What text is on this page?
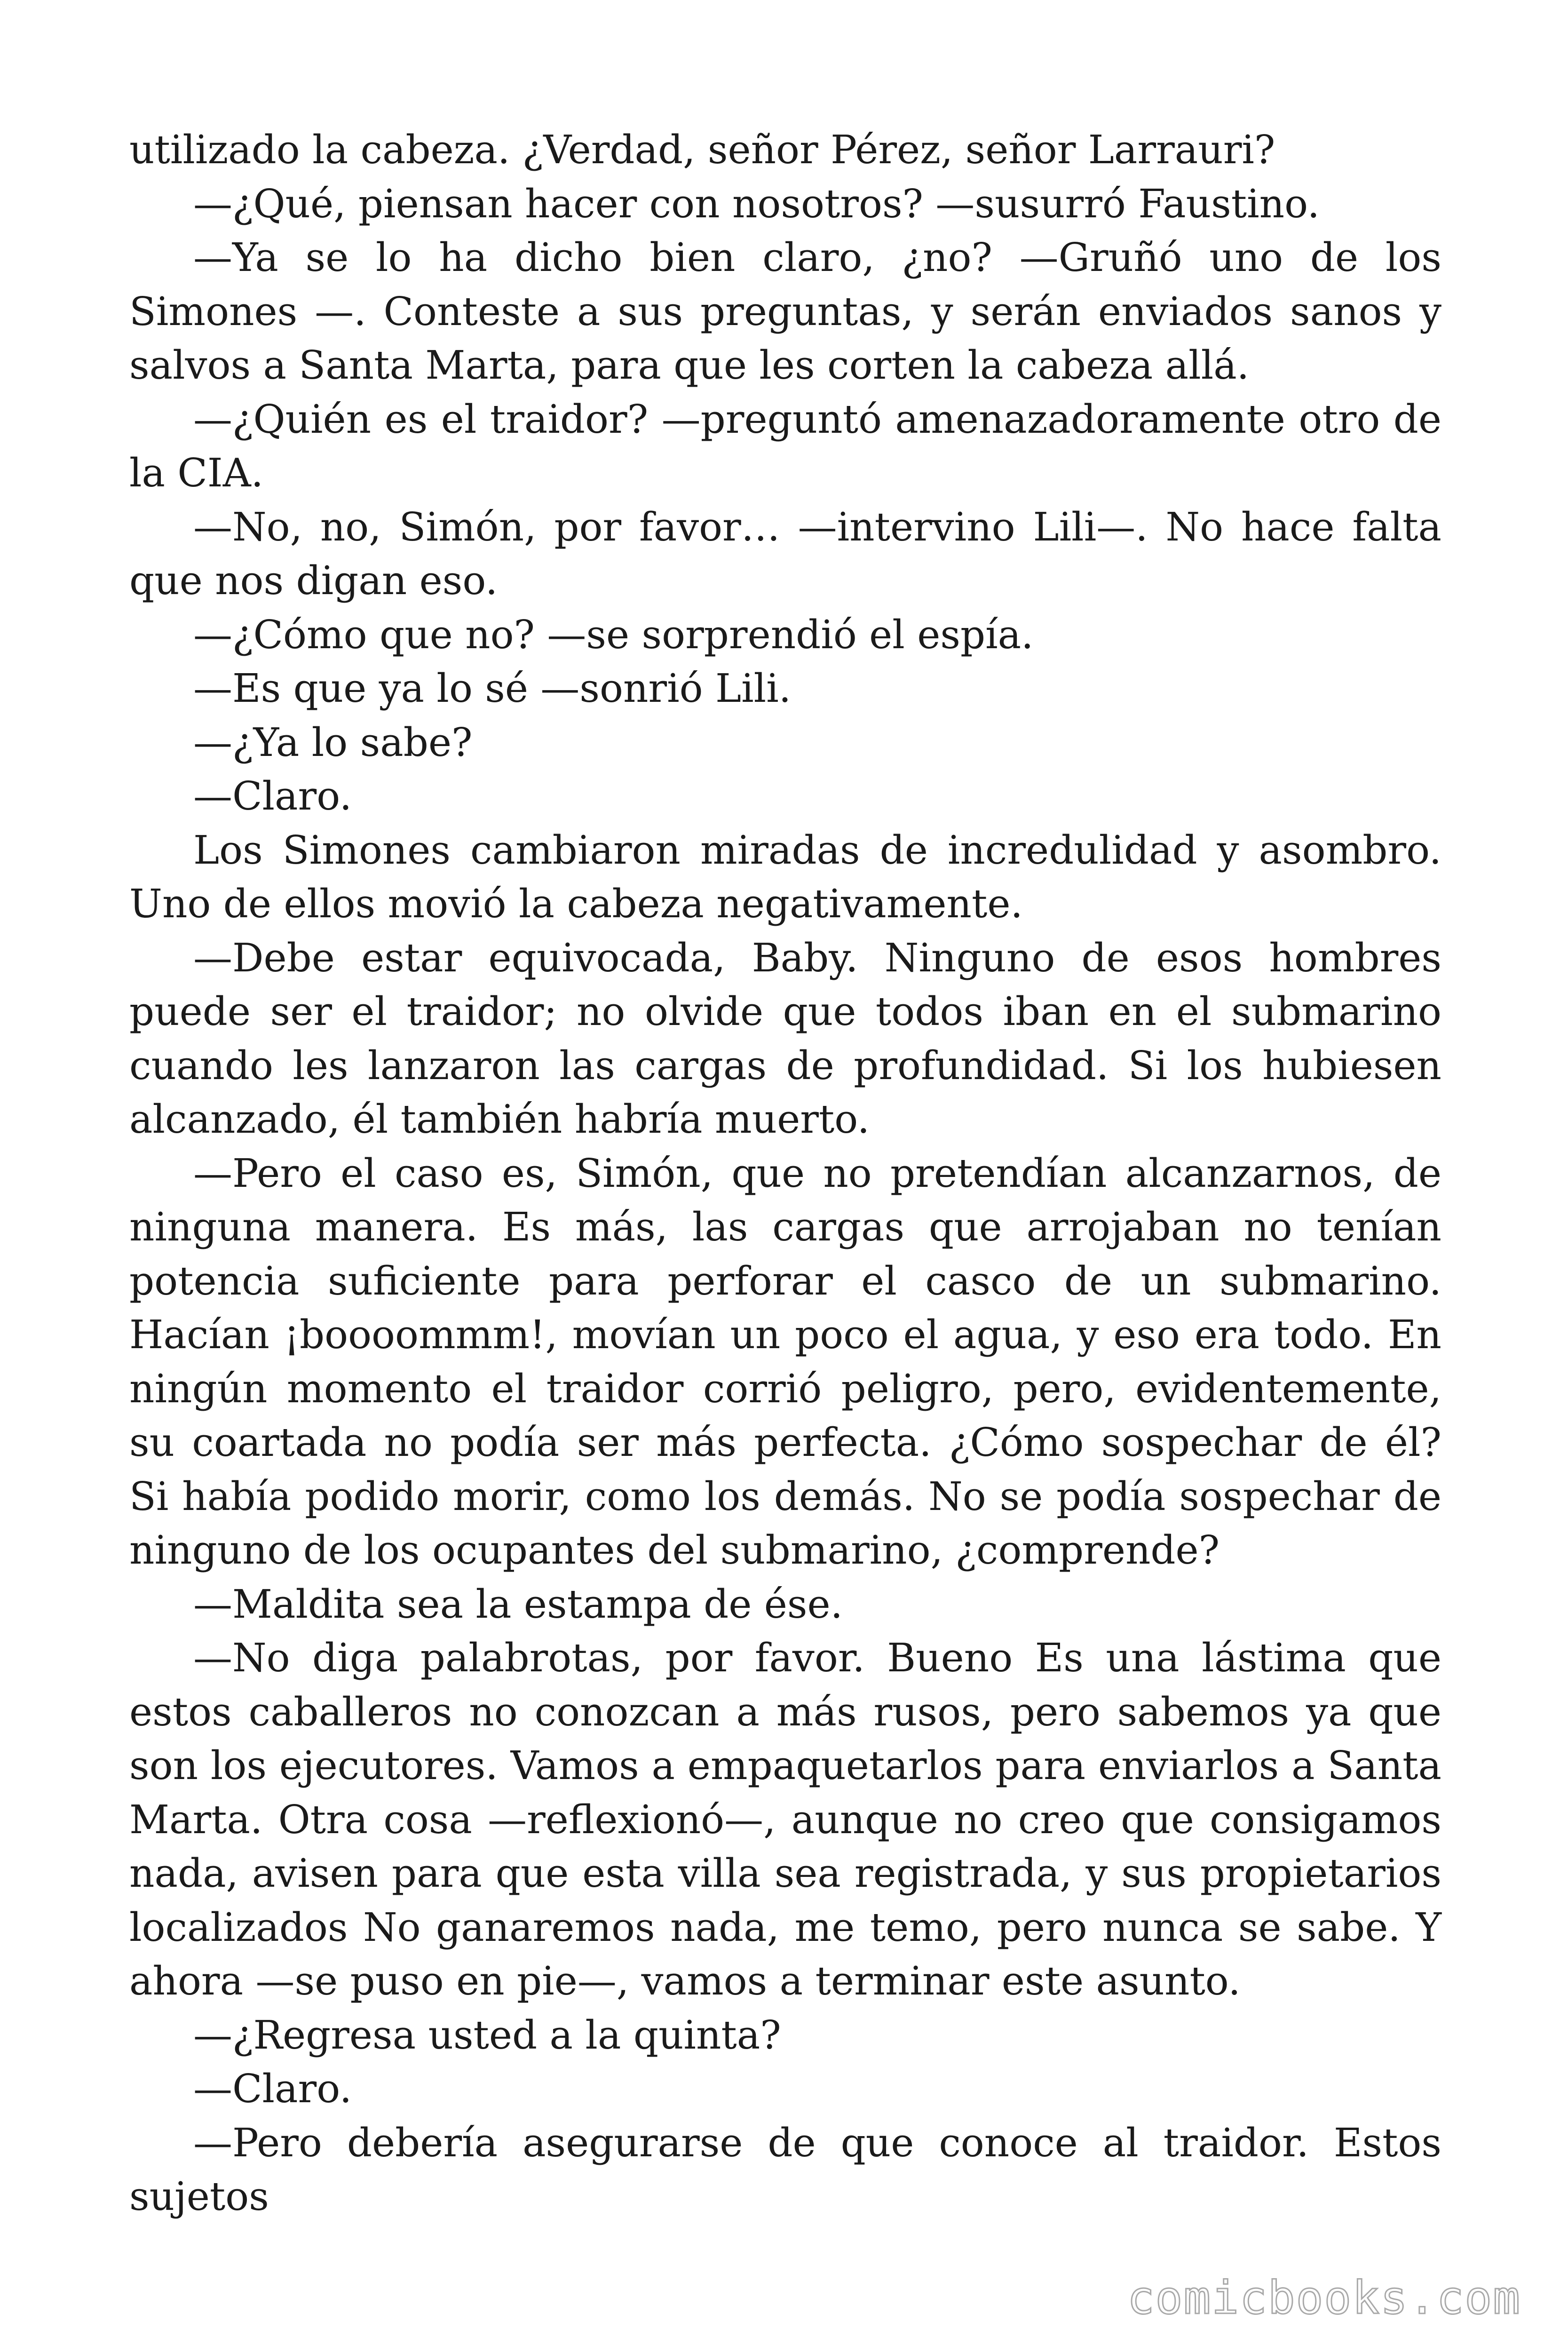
utilizado la cabeza. ¿Verdad, señor Pérez, señor Larrauri?

—¿Qué, piensan hacer con nosotros? —susurró Faustino.

—Ya se lo ha dicho bien claro, ¿no? —Gruñó uno de los Simones —. Conteste a sus preguntas, y serán enviados sanos y salvos a Santa Marta, para que les corten la cabeza allá.

—¿Quién es el traidor? —preguntó amenazadoramente otro de la CIA.

—No, no, Simón, por favor… —intervino Lili—. No hace falta que nos digan eso.

—¿Cómo que no? —se sorprendió el espía.

—Es que ya lo sé —sonrió Lili.

—¿Ya lo sabe?

—Claro.

Los Simones cambiaron miradas de incredulidad y asombro. Uno de ellos movió la cabeza negativamente.

—Debe estar equivocada, Baby. Ninguno de esos hombres puede ser el traidor; no olvide que todos iban en el submarino cuando les lanzaron las cargas de profundidad. Si los hubiesen alcanzado, él también habría muerto.

—Pero el caso es, Simón, que no pretendían alcanzarnos, de ninguna manera. Es más, las cargas que arrojaban no tenían potencia suficiente para perforar el casco de un submarino. Hacían ¡boooommm!, movían un poco el agua, y eso era todo. En ningún momento el traidor corrió peligro, pero, evidentemente, su coartada no podía ser más perfecta. ¿Cómo sospechar de él? Si había podido morir, como los demás. No se podía sospechar de ninguno de los ocupantes del submarino, ¿comprende?

—Maldita sea la estampa de ése.

—No diga palabrotas, por favor. Bueno Es una lástima que estos caballeros no conozcan a más rusos, pero sabemos ya que son los ejecutores. Vamos a empaquetarlos para enviarlos a Santa Marta. Otra cosa —reflexionó—, aunque no creo que consigamos nada, avisen para que esta villa sea registrada, y sus propietarios localizados No ganaremos nada, me temo, pero nunca se sabe. Y ahora —se puso en pie—, vamos a terminar este asunto.

—¿Regresa usted a la quinta?

—Claro.

—Pero debería asegurarse de que conoce al traidor. Estos sujetos

comicbooks.com
